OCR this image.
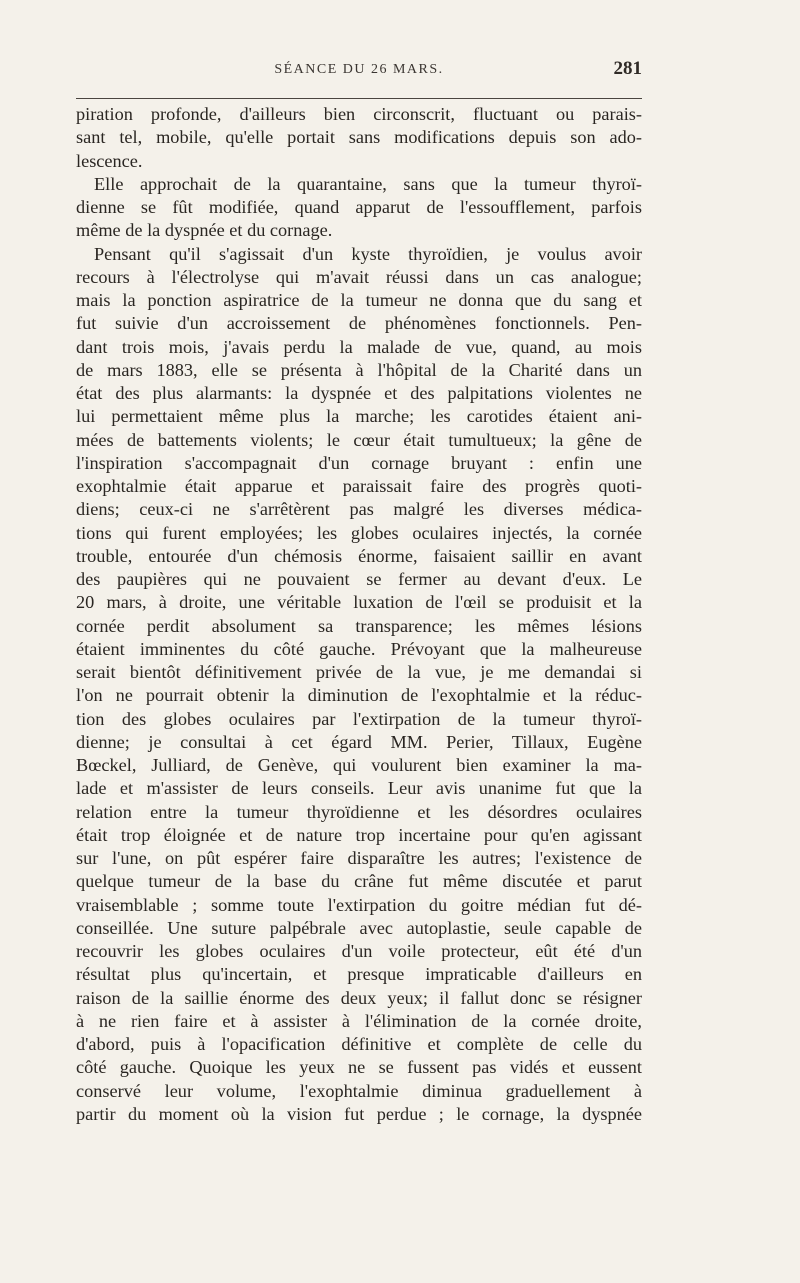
SÉANCE DU 26 MARS.	281
piration profonde, d'ailleurs bien circonscrit, fluctuant ou parais-
sant tel, mobile, qu'elle portait sans modifications depuis son ado-
lescence.
Elle approchait de la quarantaine, sans que la tumeur thyroï-
dienne se fût modifiée, quand apparut de l'essoufflement, parfois
même de la dyspnée et du cornage.
Pensant qu'il s'agissait d'un kyste thyroïdien, je voulus avoir
recours à l'électrolyse qui m'avait réussi dans un cas analogue;
mais la ponction aspiratrice de la tumeur ne donna que du sang et
fut suivie d'un accroissement de phénomènes fonctionnels. Pen-
dant trois mois, j'avais perdu la malade de vue, quand, au mois
de mars 1883, elle se présenta à l'hôpital de la Charité dans un
état des plus alarmants: la dyspnée et des palpitations violentes ne
lui permettaient même plus la marche; les carotides étaient ani-
mées de battements violents; le cœur était tumultueux; la gêne de
l'inspiration s'accompagnait d'un cornage bruyant : enfin une
exophtalmie était apparue et paraissait faire des progrès quoti-
diens; ceux-ci ne s'arrêtèrent pas malgré les diverses médica-
tions qui furent employées; les globes oculaires injectés, la cornée
trouble, entourée d'un chémosis énorme, faisaient saillir en avant
des paupières qui ne pouvaient se fermer au devant d'eux. Le
20 mars, à droite, une véritable luxation de l'œil se produisit et la
cornée perdit absolument sa transparence; les mêmes lésions
étaient imminentes du côté gauche. Prévoyant que la malheureuse
serait bientôt définitivement privée de la vue, je me demandai si
l'on ne pourrait obtenir la diminution de l'exophtalmie et la réduc-
tion des globes oculaires par l'extirpation de la tumeur thyroï-
dienne; je consultai à cet égard MM. Perier, Tillaux, Eugène
Bœckel, Julliard, de Genève, qui voulurent bien examiner la ma-
lade et m'assister de leurs conseils. Leur avis unanime fut que la
relation entre la tumeur thyroïdienne et les désordres oculaires
était trop éloignée et de nature trop incertaine pour qu'en agissant
sur l'une, on pût espérer faire disparaître les autres; l'existence de
quelque tumeur de la base du crâne fut même discutée et parut
vraisemblable ; somme toute l'extirpation du goitre médian fut dé-
conseillée. Une suture palpébrale avec autoplastie, seule capable de
recouvrir les globes oculaires d'un voile protecteur, eût été d'un
résultat plus qu'incertain, et presque impraticable d'ailleurs en
raison de la saillie énorme des deux yeux; il fallut donc se résigner
à ne rien faire et à assister à l'élimination de la cornée droite,
d'abord, puis à l'opacification définitive et complète de celle du
côté gauche. Quoique les yeux ne se fussent pas vidés et eussent
conservé leur volume, l'exophtalmie diminua graduellement à
partir du moment où la vision fut perdue ; le cornage, la dyspnée
